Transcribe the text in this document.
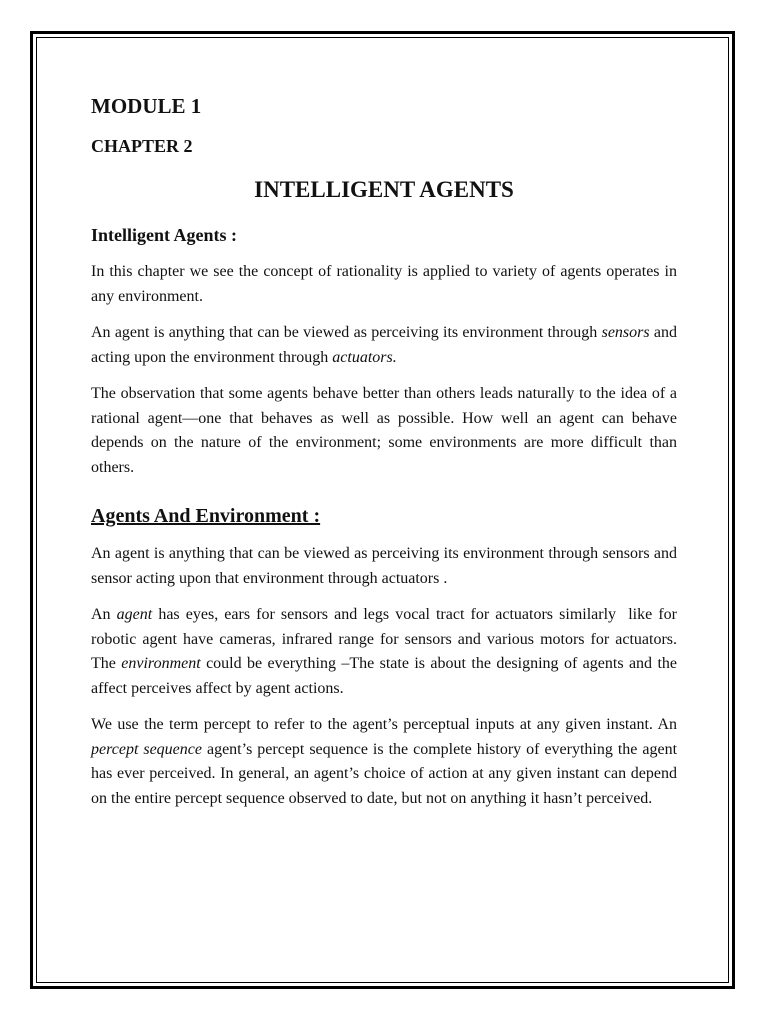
MODULE 1
CHAPTER 2
INTELLIGENT AGENTS
Intelligent Agents :

In this chapter we see the concept of rationality is applied to variety of agents operates in any environment.

An agent is anything that can be viewed as perceiving its environment through sensors and acting upon the environment through actuators.

The observation that some agents behave better than others leads naturally to the idea of a rational agent—one that behaves as well as possible. How well an agent can behave depends on the nature of the environment; some environments are more difficult than others.

Agents And Environment :

An agent is anything that can be viewed as perceiving its environment through sensors and sensor acting upon that environment through actuators .

An agent has eyes, ears for sensors and legs vocal tract for actuators similarly  like for robotic agent have cameras, infrared range for sensors and various motors for actuators. The environment could be everything –The state is about the designing of agents and the affect perceives affect by agent actions.

We use the term percept to refer to the agent’s perceptual inputs at any given instant. An percept sequence agent’s percept sequence is the complete history of everything the agent has ever perceived. In general, an agent’s choice of action at any given instant can depend on the entire percept sequence observed to date, but not on anything it hasn’t perceived.
